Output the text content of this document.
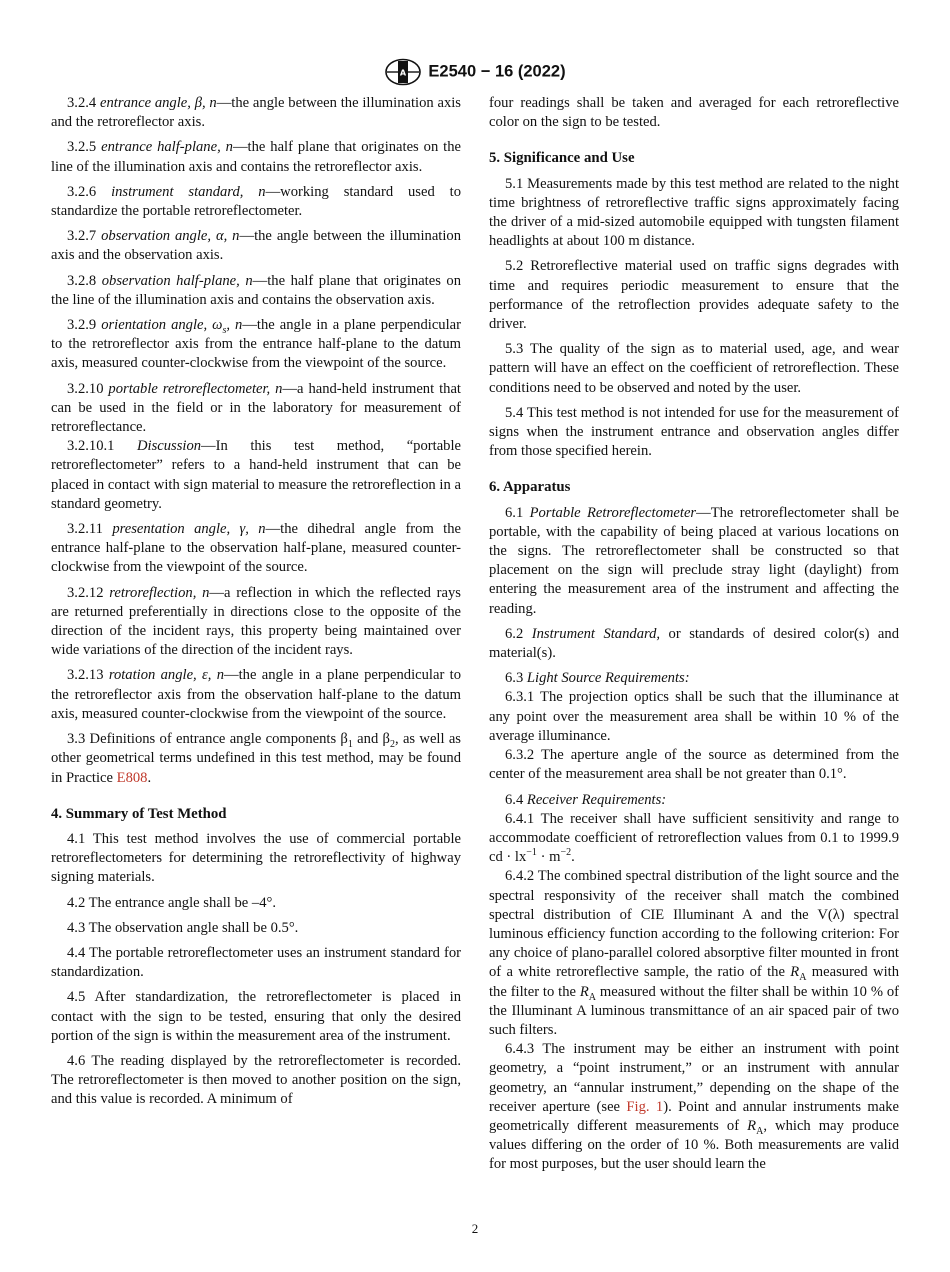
A E2540 − 16 (2022)

3.2.4 entrance angle, β, n—the angle between the illumination axis and the retroreflector axis.

3.2.5 entrance half-plane, n—the half plane that originates on the line of the illumination axis and contains the retroreflector axis.

3.2.6 instrument standard, n—working standard used to standardize the portable retroreflectometer.

3.2.7 observation angle, α, n—the angle between the illumination axis and the observation axis.

3.2.8 observation half-plane, n—the half plane that originates on the line of the illumination axis and contains the observation axis.

3.2.9 orientation angle, $\omega_s$, n—the angle in a plane perpendicular to the retroreflector axis from the entrance half-plane to the datum axis, measured counter-clockwise from the viewpoint of the source.

3.2.10 portable retroreflectometer, n—a hand-held instrument that can be used in the field or in the laboratory for measurement of retroreflectance.

3.2.10.1 Discussion—In this test method, “portable retroreflectometer” refers to a hand-held instrument that can be placed in contact with sign material to measure the retroreflection in a standard geometry.

3.2.11 presentation angle, γ, n—the dihedral angle from the entrance half-plane to the observation half-plane, measured counter-clockwise from the viewpoint of the source.

3.2.12 retroreflection, n—a reflection in which the reflected rays are returned preferentially in directions close to the opposite of the direction of the incident rays, this property being maintained over wide variations of the direction of the incident rays.

3.2.13 rotation angle, ε, n—the angle in a plane perpendicular to the retroreflector axis from the observation half-plane to the datum axis, measured counter-clockwise from the viewpoint of the source.

3.3 Definitions of entrance angle components $\beta_1$ and $\beta_2$, as well as other geometrical terms undefined in this test method, may be found in Practice E808.

4. Summary of Test Method

4.1 This test method involves the use of commercial portable retroreflectometers for determining the retroreflectivity of highway signing materials.

4.2 The entrance angle shall be –4°.

4.3 The observation angle shall be 0.5°.

4.4 The portable retroreflectometer uses an instrument standard for standardization.

4.5 After standardization, the retroreflectometer is placed in contact with the sign to be tested, ensuring that only the desired portion of the sign is within the measurement area of the instrument.

4.6 The reading displayed by the retroreflectometer is recorded. The retroreflectometer is then moved to another position on the sign, and this value is recorded. A minimum of

four readings shall be taken and averaged for each retroreflective color on the sign to be tested.

5. Significance and Use

5.1 Measurements made by this test method are related to the night time brightness of retroreflective traffic signs approximately facing the driver of a mid-sized automobile equipped with tungsten filament headlights at about 100 m distance.

5.2 Retroreflective material used on traffic signs degrades with time and requires periodic measurement to ensure that the performance of the retroflection provides adequate safety to the driver.

5.3 The quality of the sign as to material used, age, and wear pattern will have an effect on the coefficient of retroreflection. These conditions need to be observed and noted by the user.

5.4 This test method is not intended for use for the measurement of signs when the instrument entrance and observation angles differ from those specified herein.

6. Apparatus

6.1 Portable Retroreflectometer—The retroreflectometer shall be portable, with the capability of being placed at various locations on the signs. The retroreflectometer shall be constructed so that placement on the sign will preclude stray light (daylight) from entering the measurement area of the instrument and affecting the reading.

6.2 Instrument Standard, or standards of desired color(s) and material(s).

6.3 Light Source Requirements:

6.3.1 The projection optics shall be such that the illuminance at any point over the measurement area shall be within 10 % of the average illuminance.

6.3.2 The aperture angle of the source as determined from the center of the measurement area shall be not greater than 0.1°.

6.4 Receiver Requirements:

6.4.1 The receiver shall have sufficient sensitivity and range to accommodate coefficient of retroreflection values from 0.1 to 1999.9 cd · $lx^{-1} \cdot m^{-2}$.

6.4.2 The combined spectral distribution of the light source and the spectral responsivity of the receiver shall match the combined spectral distribution of CIE Illuminant A and the V(λ) spectral luminous efficiency function according to the following criterion: For any choice of plano-parallel colored absorptive filter mounted in front of a white retroreflective sample, the ratio of the $R_A$ measured with the filter to the $R_A$ measured without the filter shall be within 10 % of the Illuminant A luminous transmittance of an air spaced pair of two such filters.

6.4.3 The instrument may be either an instrument with point geometry, a “point instrument,” or an instrument with annular geometry, an “annular instrument,” depending on the shape of the receiver aperture (see Fig. 1). Point and annular instruments make geometrically different measurements of $R_A$, which may produce values differing on the order of 10 %. Both measurements are valid for most purposes, but the user should learn the

2
